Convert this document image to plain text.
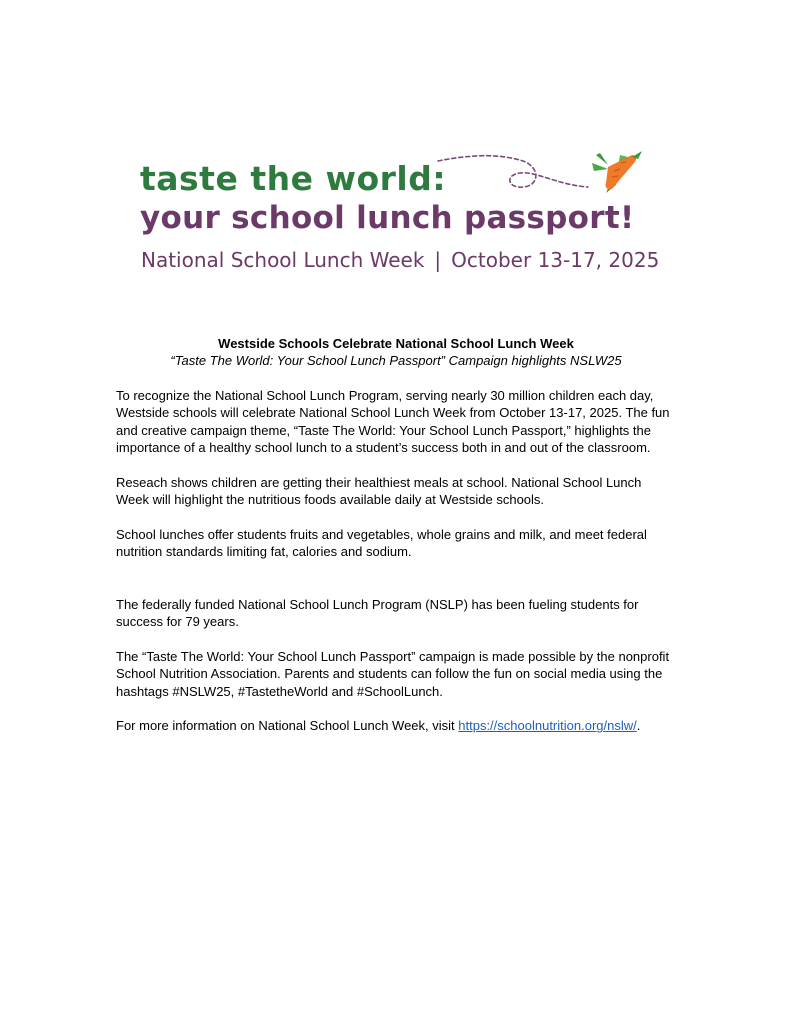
taste the world:
your school lunch passport!
National School Lunch Week | October 13-17, 2025

Westside Schools Celebrate National School Lunch Week

“Taste The World: Your School Lunch Passport” Campaign highlights NSLW25

To recognize the National School Lunch Program, serving nearly 30 million children each day, Westside schools will celebrate National School Lunch Week from October 13-17, 2025. The fun and creative campaign theme, “Taste The World: Your School Lunch Passport,” highlights the importance of a healthy school lunch to a student’s success both in and out of the classroom.

Reseach shows children are getting their healthiest meals at school. National School Lunch Week will highlight the nutritious foods available daily at Westside schools.

School lunches offer students fruits and vegetables, whole grains and milk, and meet federal nutrition standards limiting fat, calories and sodium.

The federally funded National School Lunch Program (NSLP) has been fueling students for success for 79 years.

The “Taste The World: Your School Lunch Passport” campaign is made possible by the nonprofit School Nutrition Association. Parents and students can follow the fun on social media using the hashtags #NSLW25, #TastetheWorld and #SchoolLunch.

For more information on National School Lunch Week, visit https://schoolnutrition.org/nslw/.
